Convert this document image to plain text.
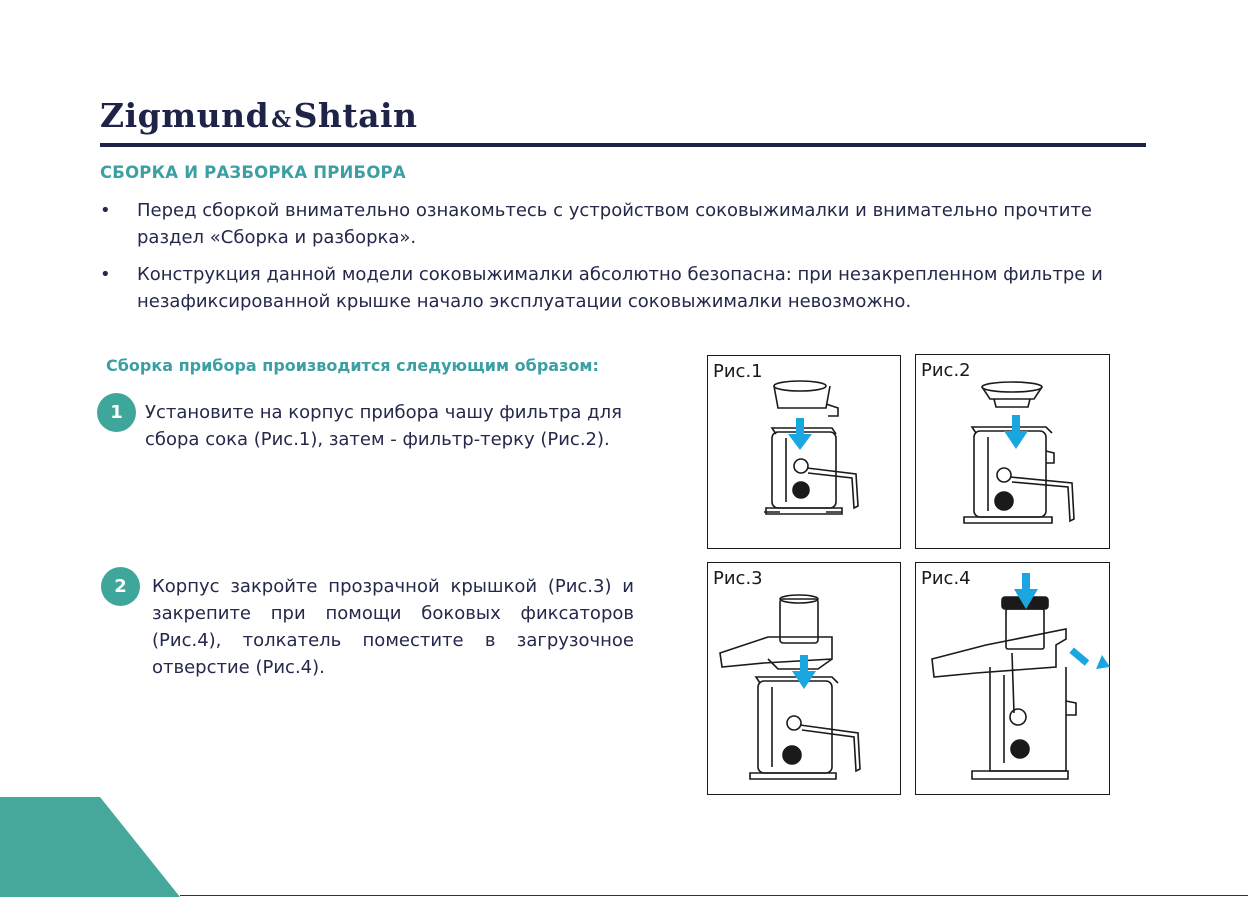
Zigmund&Shtain
СБОРКА И РАЗБОРКА ПРИБОРА
• Перед сборкой внимательно ознакомьтесь с устройством соковыжималки и внимательно прочтите раздел «Сборка и разборка».
• Конструкция данной модели соковыжималки абсолютно безопасна: при незакрепленном фильтре и незафиксированной крышке начало эксплуатации соковыжималки невозможно.
Сборка прибора производится следующим образом:
1	Установите на корпус прибора чашу фильтра для сбора сока (Рис.1), затем - фильтр-терку (Рис.2).

2	Корпус закройте прозрачной крышкой (Рис.3) и закрепите при помощи боковых фиксаторов (Рис.4), толкатель поместите в загрузочное отверстие (Рис.4).

Рис.1	Рис.2
Рис.3	Рис.4
